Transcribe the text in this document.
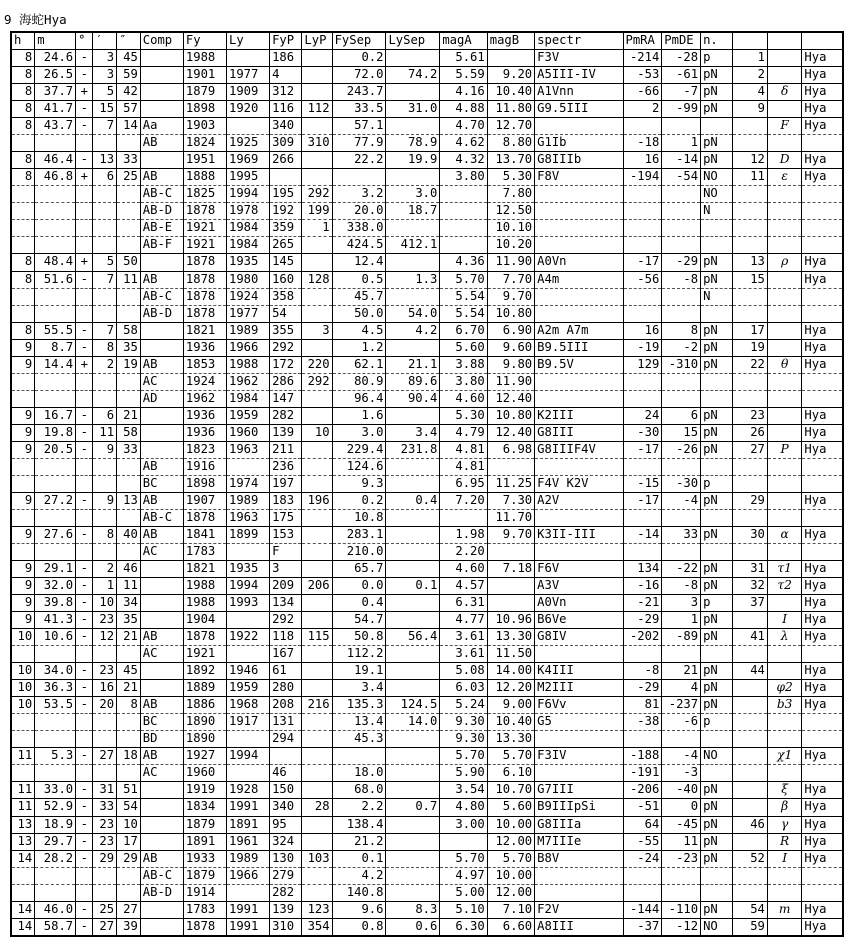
9 海蛇Hya
h	m	°	′	″	Comp	Fy	Ly	FyP	LyP	FySep	LySep	magA	magB	spectr	PmRA	PmDE	n.			
8	24.6	-	3	45		1988		186		0.2		5.61		F3V	-214	-28	p	1		Hya
8	26.5	-	3	59		1901	1977	4		72.0	74.2	5.59	9.20	A5III-IV	-53	-61	pN	2		Hya
8	37.7	+	5	42		1879	1909	312		243.7		4.16	10.40	A1Vnn	-66	-7	pN	4	δ	Hya
8	41.7	-	15	57		1898	1920	116	112	33.5	31.0	4.88	11.80	G9.5III	2	-99	pN	9		Hya
8	43.7	-	7	14	Aa	1903		340		57.1		4.70	12.70						F	Hya
					AB	1824	1925	309	310	77.9	78.9	4.62	8.80	G1Ib	-18	1	pN			
8	46.4	-	13	33		1951	1969	266		22.2	19.9	4.32	13.70	G8IIIb	16	-14	pN	12	D	Hya
8	46.8	+	6	25	AB	1888	1995					3.80	5.30	F8V	-194	-54	NO	11	ε	Hya
					AB-C	1825	1994	195	292	3.2	3.0		7.80				NO			
					AB-D	1878	1978	192	199	20.0	18.7		12.50				N			
					AB-E	1921	1984	359	1	338.0			10.10							
					AB-F	1921	1984	265		424.5	412.1		10.20							
8	48.4	+	5	50		1878	1935	145		12.4		4.36	11.90	A0Vn	-17	-29	pN	13	ρ	Hya
8	51.6	-	7	11	AB	1878	1980	160	128	0.5	1.3	5.70	7.70	A4m	-56	-8	pN	15		Hya
					AB-C	1878	1924	358		45.7		5.54	9.70				N			
					AB-D	1878	1977	54		50.0	54.0	5.54	10.80							
8	55.5	-	7	58		1821	1989	355	3	4.5	4.2	6.70	6.90	A2m A7m	16	8	pN	17		Hya
9	8.7	-	8	35		1936	1966	292		1.2		5.60	9.60	B9.5III	-19	-2	pN	19		Hya
9	14.4	+	2	19	AB	1853	1988	172	220	62.1	21.1	3.88	9.80	B9.5V	129	-310	pN	22	θ	Hya
					AC	1924	1962	286	292	80.9	89.6	3.80	11.90							
					AD	1962	1984	147		96.4	90.4	4.60	12.40							
9	16.7	-	6	21		1936	1959	282		1.6		5.30	10.80	K2III	24	6	pN	23		Hya
9	19.8	-	11	58		1936	1960	139	10	3.0	3.4	4.79	12.40	G8III	-30	15	pN	26		Hya
9	20.5	-	9	33		1823	1963	211		229.4	231.8	4.81	6.98	G8IIIF4V	-17	-26	pN	27	P	Hya
					AB	1916		236		124.6		4.81								
					BC	1898	1974	197		9.3		6.95	11.25	F4V K2V	-15	-30	p			
9	27.2	-	9	13	AB	1907	1989	183	196	0.2	0.4	7.20	7.30	A2V	-17	-4	pN	29		Hya
					AB-C	1878	1963	175		10.8			11.70							
9	27.6	-	8	40	AB	1841	1899	153		283.1		1.98	9.70	K3II-III	-14	33	pN	30	α	Hya
					AC	1783		F		210.0		2.20								
9	29.1	-	2	46		1821	1935	3		65.7		4.60	7.18	F6V	134	-22	pN	31	τ1	Hya
9	32.0	-	1	11		1988	1994	209	206	0.0	0.1	4.57		A3V	-16	-8	pN	32	τ2	Hya
9	39.8	-	10	34		1988	1993	134		0.4		6.31		A0Vn	-21	3	p	37		Hya
9	41.3	-	23	35		1904		292		54.7		4.77	10.96	B6Ve	-29	1	pN		I	Hya
10	10.6	-	12	21	AB	1878	1922	118	115	50.8	56.4	3.61	13.30	G8IV	-202	-89	pN	41	λ	Hya
					AC	1921		167		112.2		3.61	11.50							
10	34.0	-	23	45		1892	1946	61		19.1		5.08	14.00	K4III	-8	21	pN	44		Hya
10	36.3	-	16	21		1889	1959	280		3.4		6.03	12.20	M2III	-29	4	pN		φ2	Hya
10	53.5	-	20	8	AB	1886	1968	208	216	135.3	124.5	5.24	9.00	F6Vv	81	-237	pN		b3	Hya
					BC	1890	1917	131		13.4	14.0	9.30	10.40	G5	-38	-6	p			
					BD	1890		294		45.3		9.30	13.30							
11	5.3	-	27	18	AB	1927	1994					5.70	5.70	F3IV	-188	-4	NO		χ1	Hya
					AC	1960		46		18.0		5.90	6.10		-191	-3				
11	33.0	-	31	51		1919	1928	150		68.0		3.54	10.70	G7III	-206	-40	pN		ξ	Hya
11	52.9	-	33	54		1834	1991	340	28	2.2	0.7	4.80	5.60	B9IIIpSi	-51	0	pN		β	Hya
13	18.9	-	23	10		1879	1891	95		138.4		3.00	10.00	G8IIIa	64	-45	pN	46	γ	Hya
13	29.7	-	23	17		1891	1961	324		21.2			12.00	M7IIIe	-55	11	pN		R	Hya
14	28.2	-	29	29	AB	1933	1989	130	103	0.1		5.70	5.70	B8V	-24	-23	pN	52	I	Hya
					AB-C	1879	1966	279		4.2		4.97	10.00							
					AB-D	1914		282		140.8		5.00	12.00							
14	46.0	-	25	27		1783	1991	139	123	9.6	8.3	5.10	7.10	F2V	-144	-110	pN	54	m	Hya
14	58.7	-	27	39		1878	1991	310	354	0.8	0.6	6.30	6.60	A8III	-37	-12	NO	59		Hya
